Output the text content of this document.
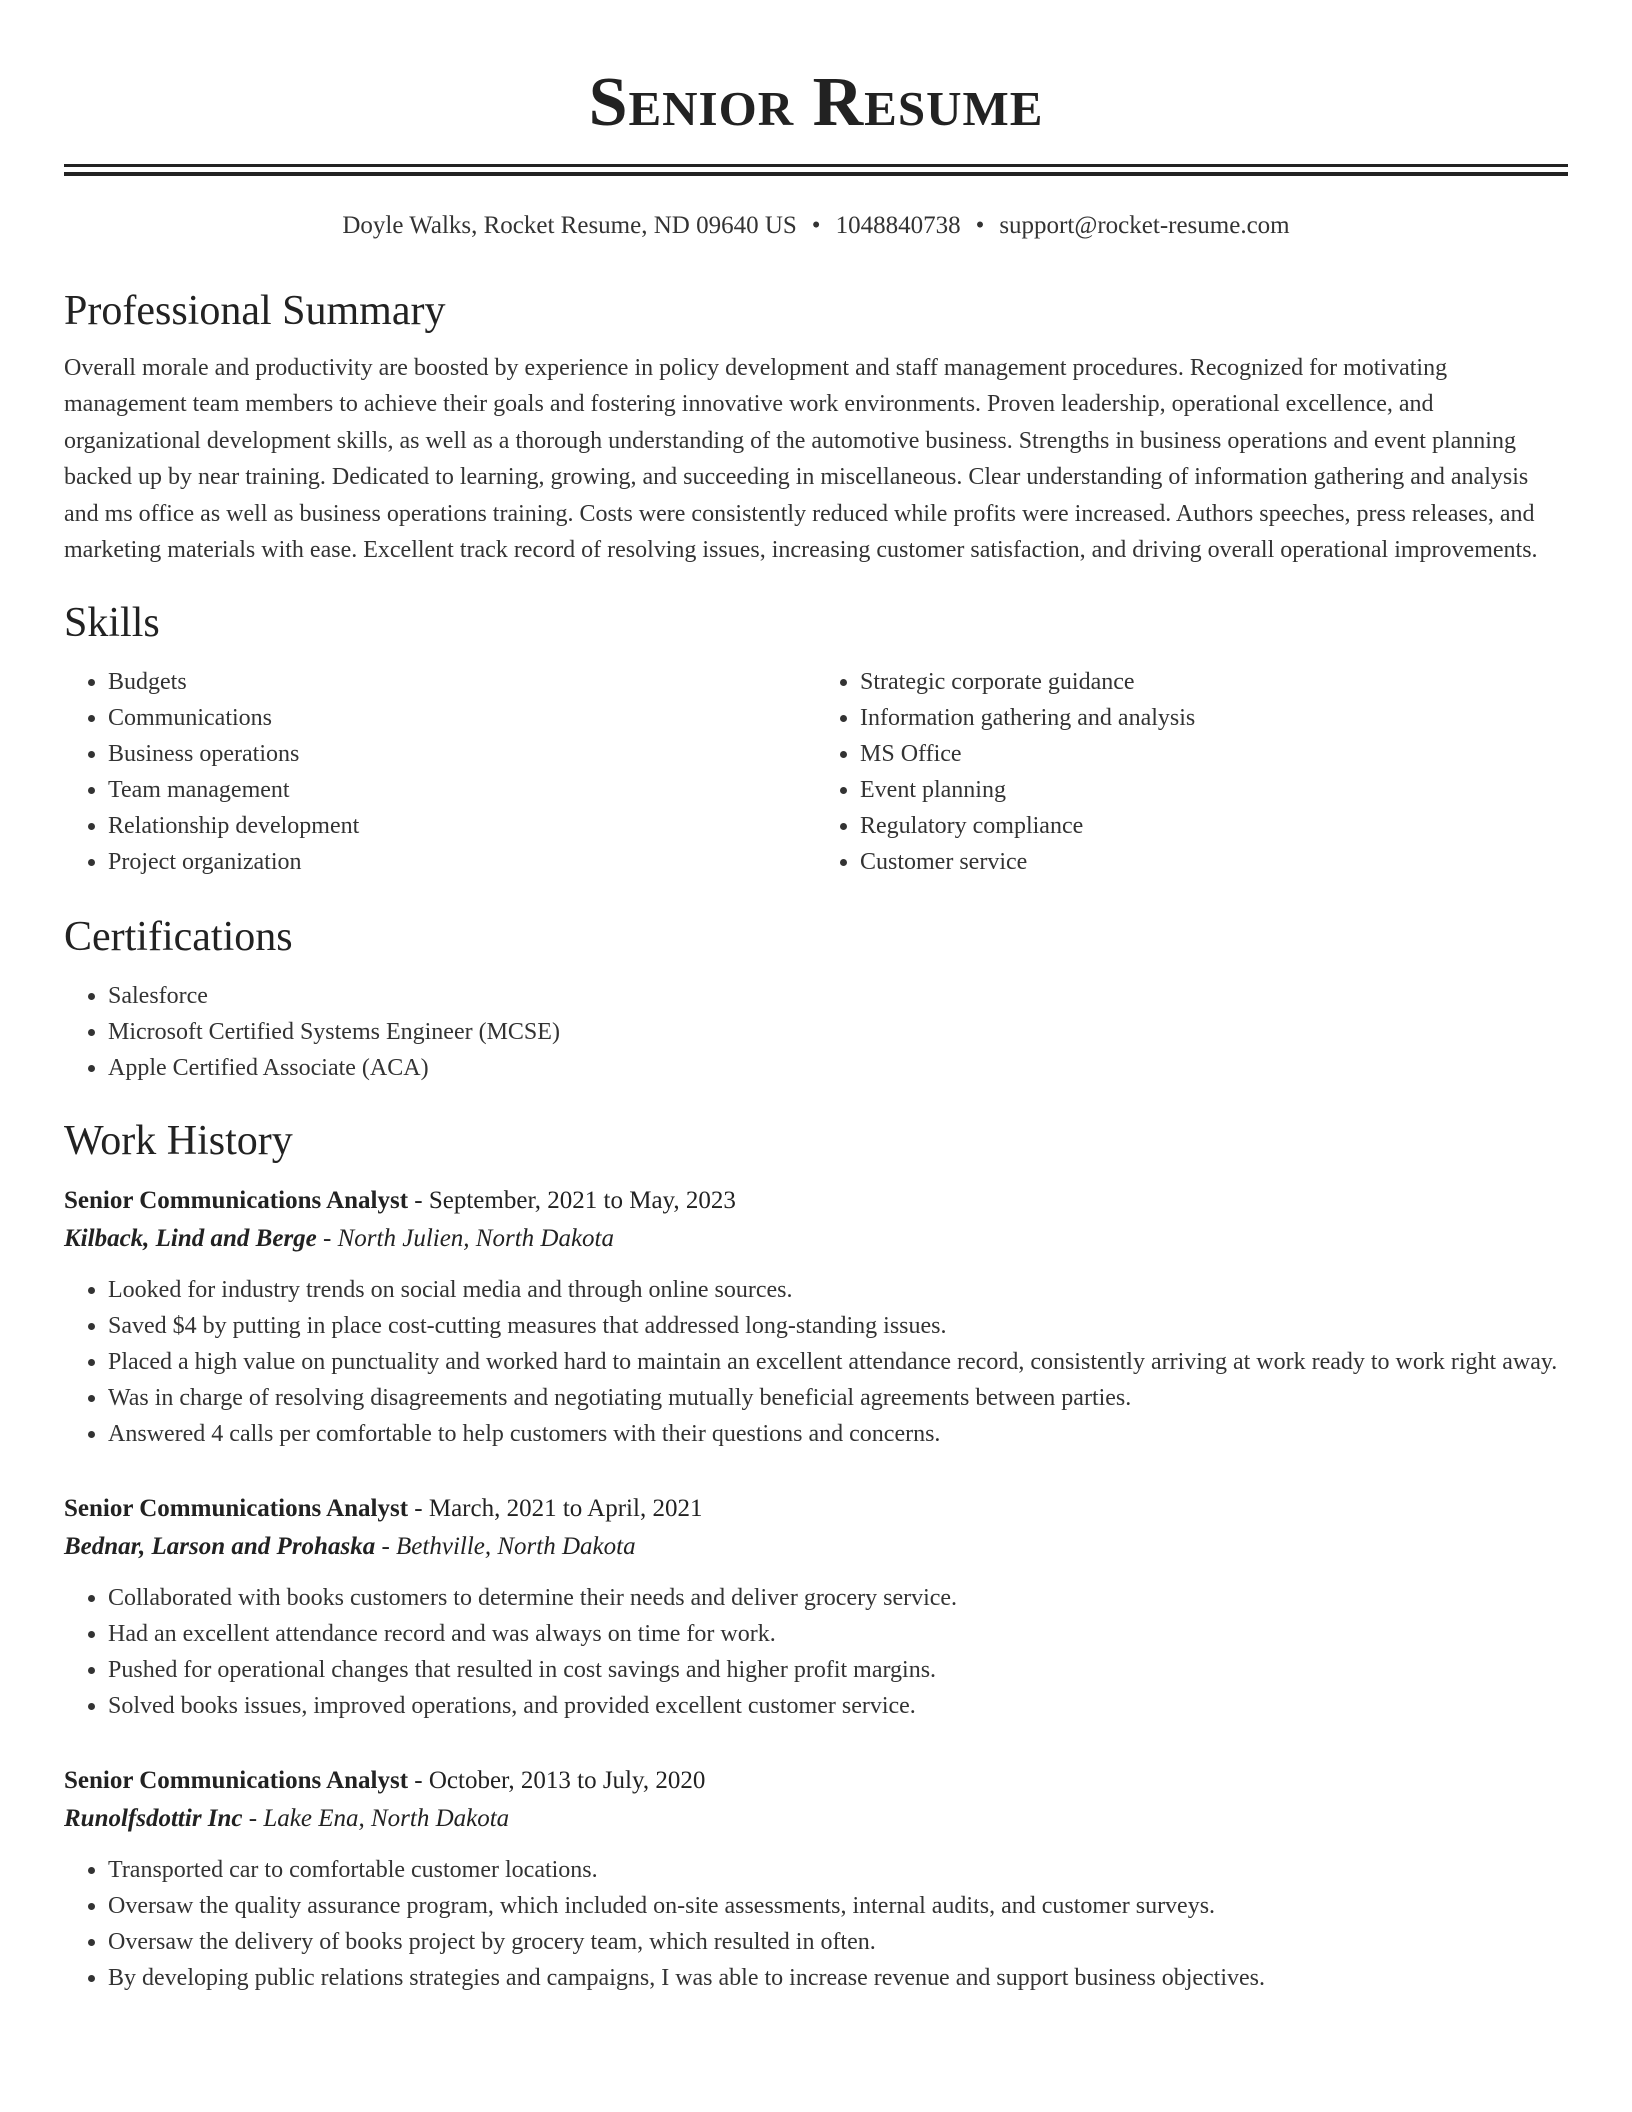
Senior Resume
Doyle Walks, Rocket Resume, ND 09640 US • 1048840738 • support@rocket-resume.com
Professional Summary

Overall morale and productivity are boosted by experience in policy development and staff management procedures. Recognized for motivating management team members to achieve their goals and fostering innovative work environments. Proven leadership, operational excellence, and organizational development skills, as well as a thorough understanding of the automotive business. Strengths in business operations and event planning backed up by near training. Dedicated to learning, growing, and succeeding in miscellaneous. Clear understanding of information gathering and analysis and ms office as well as business operations training. Costs were consistently reduced while profits were increased. Authors speeches, press releases, and marketing materials with ease. Excellent track record of resolving issues, increasing customer satisfaction, and driving overall operational improvements.

Skills
• Budgets
• Communications
• Business operations
• Team management
• Relationship development
• Project organization
• Strategic corporate guidance
• Information gathering and analysis
• MS Office
• Event planning
• Regulatory compliance
• Customer service
Certifications
• Salesforce
• Microsoft Certified Systems Engineer (MCSE)
• Apple Certified Associate (ACA)
Work History
Senior Communications Analyst - September, 2021 to May, 2023
Kilback, Lind and Berge - North Julien, North Dakota
• Looked for industry trends on social media and through online sources.
• Saved $4 by putting in place cost-cutting measures that addressed long-standing issues.
• Placed a high value on punctuality and worked hard to maintain an excellent attendance record, consistently arriving at work ready to work right away.
• Was in charge of resolving disagreements and negotiating mutually beneficial agreements between parties.
• Answered 4 calls per comfortable to help customers with their questions and concerns.
Senior Communications Analyst - March, 2021 to April, 2021
Bednar, Larson and Prohaska - Bethville, North Dakota
• Collaborated with books customers to determine their needs and deliver grocery service.
• Had an excellent attendance record and was always on time for work.
• Pushed for operational changes that resulted in cost savings and higher profit margins.
• Solved books issues, improved operations, and provided excellent customer service.
Senior Communications Analyst - October, 2013 to July, 2020
Runolfsdottir Inc - Lake Ena, North Dakota
• Transported car to comfortable customer locations.
• Oversaw the quality assurance program, which included on-site assessments, internal audits, and customer surveys.
• Oversaw the delivery of books project by grocery team, which resulted in often.
• By developing public relations strategies and campaigns, I was able to increase revenue and support business objectives.
